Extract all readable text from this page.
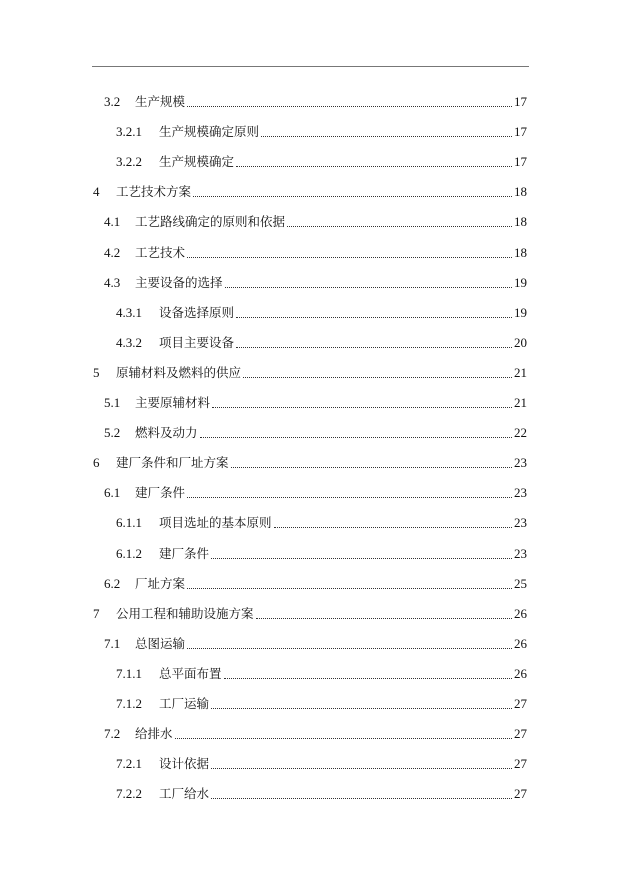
3.2	生产规模	17
3.2.1	生产规模确定原则	17
3.2.2	生产规模确定	17
4	工艺技术方案	18
4.1	工艺路线确定的原则和依据	18
4.2	工艺技术	18
4.3	主要设备的选择	19
4.3.1	设备选择原则	19
4.3.2	项目主要设备	20
5	原辅材料及燃料的供应	21
5.1	主要原辅材料	21
5.2	燃料及动力	22
6	建厂条件和厂址方案	23
6.1	建厂条件	23
6.1.1	项目选址的基本原则	23
6.1.2	建厂条件	23
6.2	厂址方案	25
7	公用工程和辅助设施方案	26
7.1	总图运输	26
7.1.1	总平面布置	26
7.1.2	工厂运输	27
7.2	给排水	27
7.2.1	设计依据	27
7.2.2	工厂给水	27
